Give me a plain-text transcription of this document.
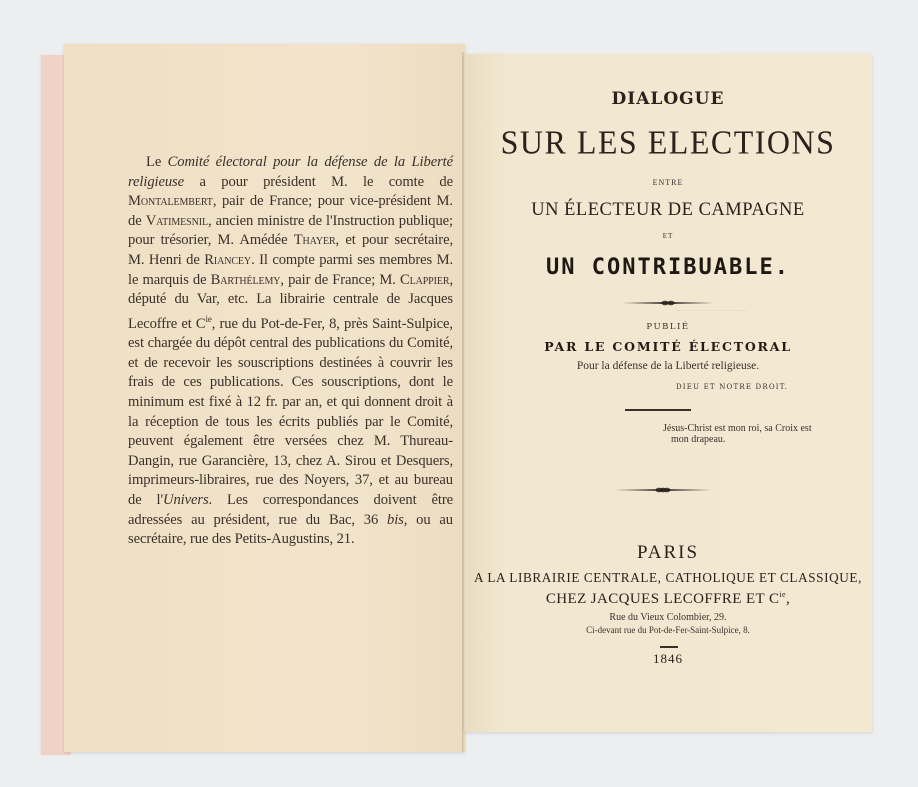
Le Comité électoral pour la défense de la Liberté religieuse a pour président M. le comte de Montalembert, pair de France; pour vice-président M. de Vatimesnil, ancien ministre de l'Instruction publique; pour trésorier, M. Amédée Thayer, et pour secrétaire, M. Henri de Riancey. Il compte parmi ses membres M. le marquis de Barthélemy, pair de France; M. Clappier, député du Var, etc. La librairie centrale de Jacques Lecoffre et $C^{ie}$, rue du Pot-de-Fer, 8, près Saint-Sulpice, est chargée du dépôt central des publications du Comité, et de recevoir les souscriptions destinées à couvrir les frais de ces publications. Ces souscriptions, dont le minimum est fixé à 12 fr. par an, et qui donnent droit à la réception de tous les écrits publiés par le Comité, peuvent également être versées chez M. Thureau-Dangin, rue Garancière, 13, chez A. Sirou et Desquers, imprimeurs-libraires, rue des Noyers, 37, et au bureau de l'Univers. Les correspondances doivent être adressées au président, rue du Bac, 36 bis, ou au secrétaire, rue des Petits-Augustins, 21.

DIALOGUE
SUR LES ELECTIONS
ENTRE
UN ÉLECTEUR DE CAMPAGNE
ET
UN CONTRIBUABLE.
────────────
PUBLIÉ
PAR LE COMITÉ ÉLECTORAL
Pour la défense de la Liberté religieuse.
DIEU ET NOTRE DROIT.
Jésus-Christ est mon roi, sa Croix est
mon drapeau.
PARIS
A LA LIBRAIRIE CENTRALE, CATHOLIQUE ET CLASSIQUE,
CHEZ JACQUES LECOFFRE ET $C^{ie}$,
Rue du Vieux Colombier, 29.
Ci-devant rue du Pot-de-Fer-Saint-Sulpice, 8.
1846
